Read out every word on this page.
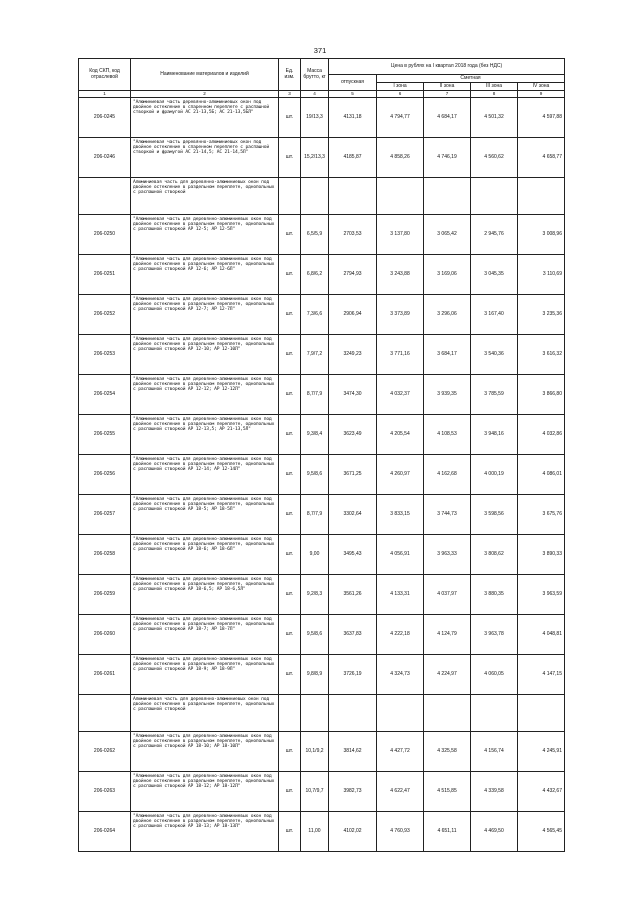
371
Код СКП, код отраслевой	Наименование материалов и изделий	Ед. изм.	Масса брутто, кг	Цена в рублях на I квартал 2018 года (без НДС)				
				отпускная	Сметная			
					I зона	II зона	III зона	IV зона
1	2	3	4	5	6	7	8	9
206-0245	"Алюминиевая часть деревянно-алюминиевых окон под двойное остекление в спаренном переплете с распашной створкой и фрамугой АС 21-13,5Б; АС 21-13,5БЛ"	шт.	19/13,3	4131,18	4 794,77	4 684,17	4 501,32	4 597,88
206-0246	"Алюминиевая часть деревянно-алюминиевых окон под двойное остекление в спаренном переплете с распашной створкой и фрамугой АС 21-14,5; АС 21-14,5Л"	шт.	15,2/13,3	4185,87	4 858,26	4 746,19	4 560,62	4 658,77
	Алюминиевая часть для деревянно-алюминиевых окон под двойное остекление в раздельном переплете, однопольных с распашной створкой							
206-0250	"Алюминиевая часть для деревянно-алюминиевых окон под двойное остекление в раздельном переплете, однопольных с распашной створкой АР 12-5; АР 12-5Л"	шт.	6,5/5,9	2703,53	3 137,80	3 065,42	2 945,76	3 008,96
206-0251	"Алюминиевая часть для деревянно-алюминиевых окон под двойное остекление в раздельном переплете, однопольных с распашной створкой АР 12-6; АР 12-6Л"	шт.	6,8/6,2	2794,93	3 243,88	3 169,06	3 045,35	3 110,69
206-0252	"Алюминиевая часть для деревянно-алюминиевых окон под двойное остекление в раздельном переплете, однопольных с распашной створкой АР 12-7; АР 12-7Л"	шт.	7,3/6,6	2906,94	3 373,89	3 296,06	3 167,40	3 235,36
206-0253	"Алюминиевая часть для деревянно-алюминиевых окон под двойное остекление в раздельном переплете, однопольных с распашной створкой АР 12-10; АР 12-10Л"	шт.	7,9/7,2	3249,23	3 771,16	3 684,17	3 540,36	3 616,32
206-0254	"Алюминиевая часть для деревянно-алюминиевых окон под двойное остекление в раздельном переплете, однопольных с распашной створкой АР 12-12; АР 12-12Л"	шт.	8,7/7,9	3474,30	4 032,37	3 939,35	3 785,59	3 866,80
206-0255	"Алюминиевая часть для деревянно-алюминиевых окон под двойное остекление в раздельном переплете, однопольных с распашной створкой АР 12-13,5; АР 21-13,5Л"	шт.	9,3/8,4	3623,49	4 205,54	4 108,53	3 948,16	4 032,86
206-0256	"Алюминиевая часть для деревянно-алюминиевых окон под двойное остекление в раздельном переплете, однопольных с распашной створкой АР 12-14; АР 12-14Л"	шт.	9,5/8,6	3671,25	4 260,97	4 162,68	4 000,19	4 086,01
206-0257	"Алюминиевая часть для деревянно-алюминиевых окон под двойное остекление в раздельном переплете, однопольных с распашной створкой АР 18-5; АР 18-5Л"	шт.	8,7/7,9	3302,64	3 833,15	3 744,73	3 598,56	3 675,76
206-0258	"Алюминиевая часть для деревянно-алюминиевых окон под двойное остекление в раздельном переплете, однопольных с распашной створкой АР 18-6; АР 18-6Л"	шт.	9,00	3495,43	4 056,91	3 963,33	3 808,62	3 890,33
206-0259	"Алюминиевая часть для деревянно-алюминиевых окон под двойное остекление в раздельном переплете, однопольных с распашной створкой АР 18-6,5; АР 18-6,5Л"	шт.	9,2/8,3	3561,26	4 133,31	4 037,97	3 880,35	3 963,59
206-0260	"Алюминиевая часть для деревянно-алюминиевых окон под двойное остекление в раздельном переплете, однопольных с распашной створкой АР 18-7; АР 18-7Л"	шт.	9,5/8,6	3637,83	4 222,18	4 124,79	3 963,78	4 048,81
206-0261	"Алюминиевая часть для деревянно-алюминиевых окон под двойное остекление в раздельном переплете, однопольных с распашной створкой АР 18-9; АР 18-9Л"	шт.	9,8/8,9	3726,19	4 324,73	4 224,97	4 060,05	4 147,15
	Алюминиевая часть для деревянно-алюминиевых окон под двойное остекление в раздельном переплете, однопольных с распашной створкой							
206-0262	"Алюминиевая часть для деревянно-алюминиевых окон под двойное остекление в раздельном переплете, однопольных с распашной створкой АР 18-10; АР 18-10Л"	шт.	10,1/9,2	3814,62	4 427,72	4 325,58	4 156,74	4 245,91
206-0263	"Алюминиевая часть для деревянно-алюминиевых окон под двойное остекление в раздельном переплете, однопольных с распашной створкой АР 18-12; АР 18-12Л"	шт.	10,7/9,7	3982,73	4 622,47	4 515,85	4 339,58	4 432,67
206-0264	"Алюминиевая часть для деревянно-алюминиевых окон под двойное остекление в раздельном переплете, однопольных с распашной створкой АР 18-13; АР 18-13Л"	шт.	11,00	4102,02	4 760,93	4 651,11	4 469,50	4 565,45
